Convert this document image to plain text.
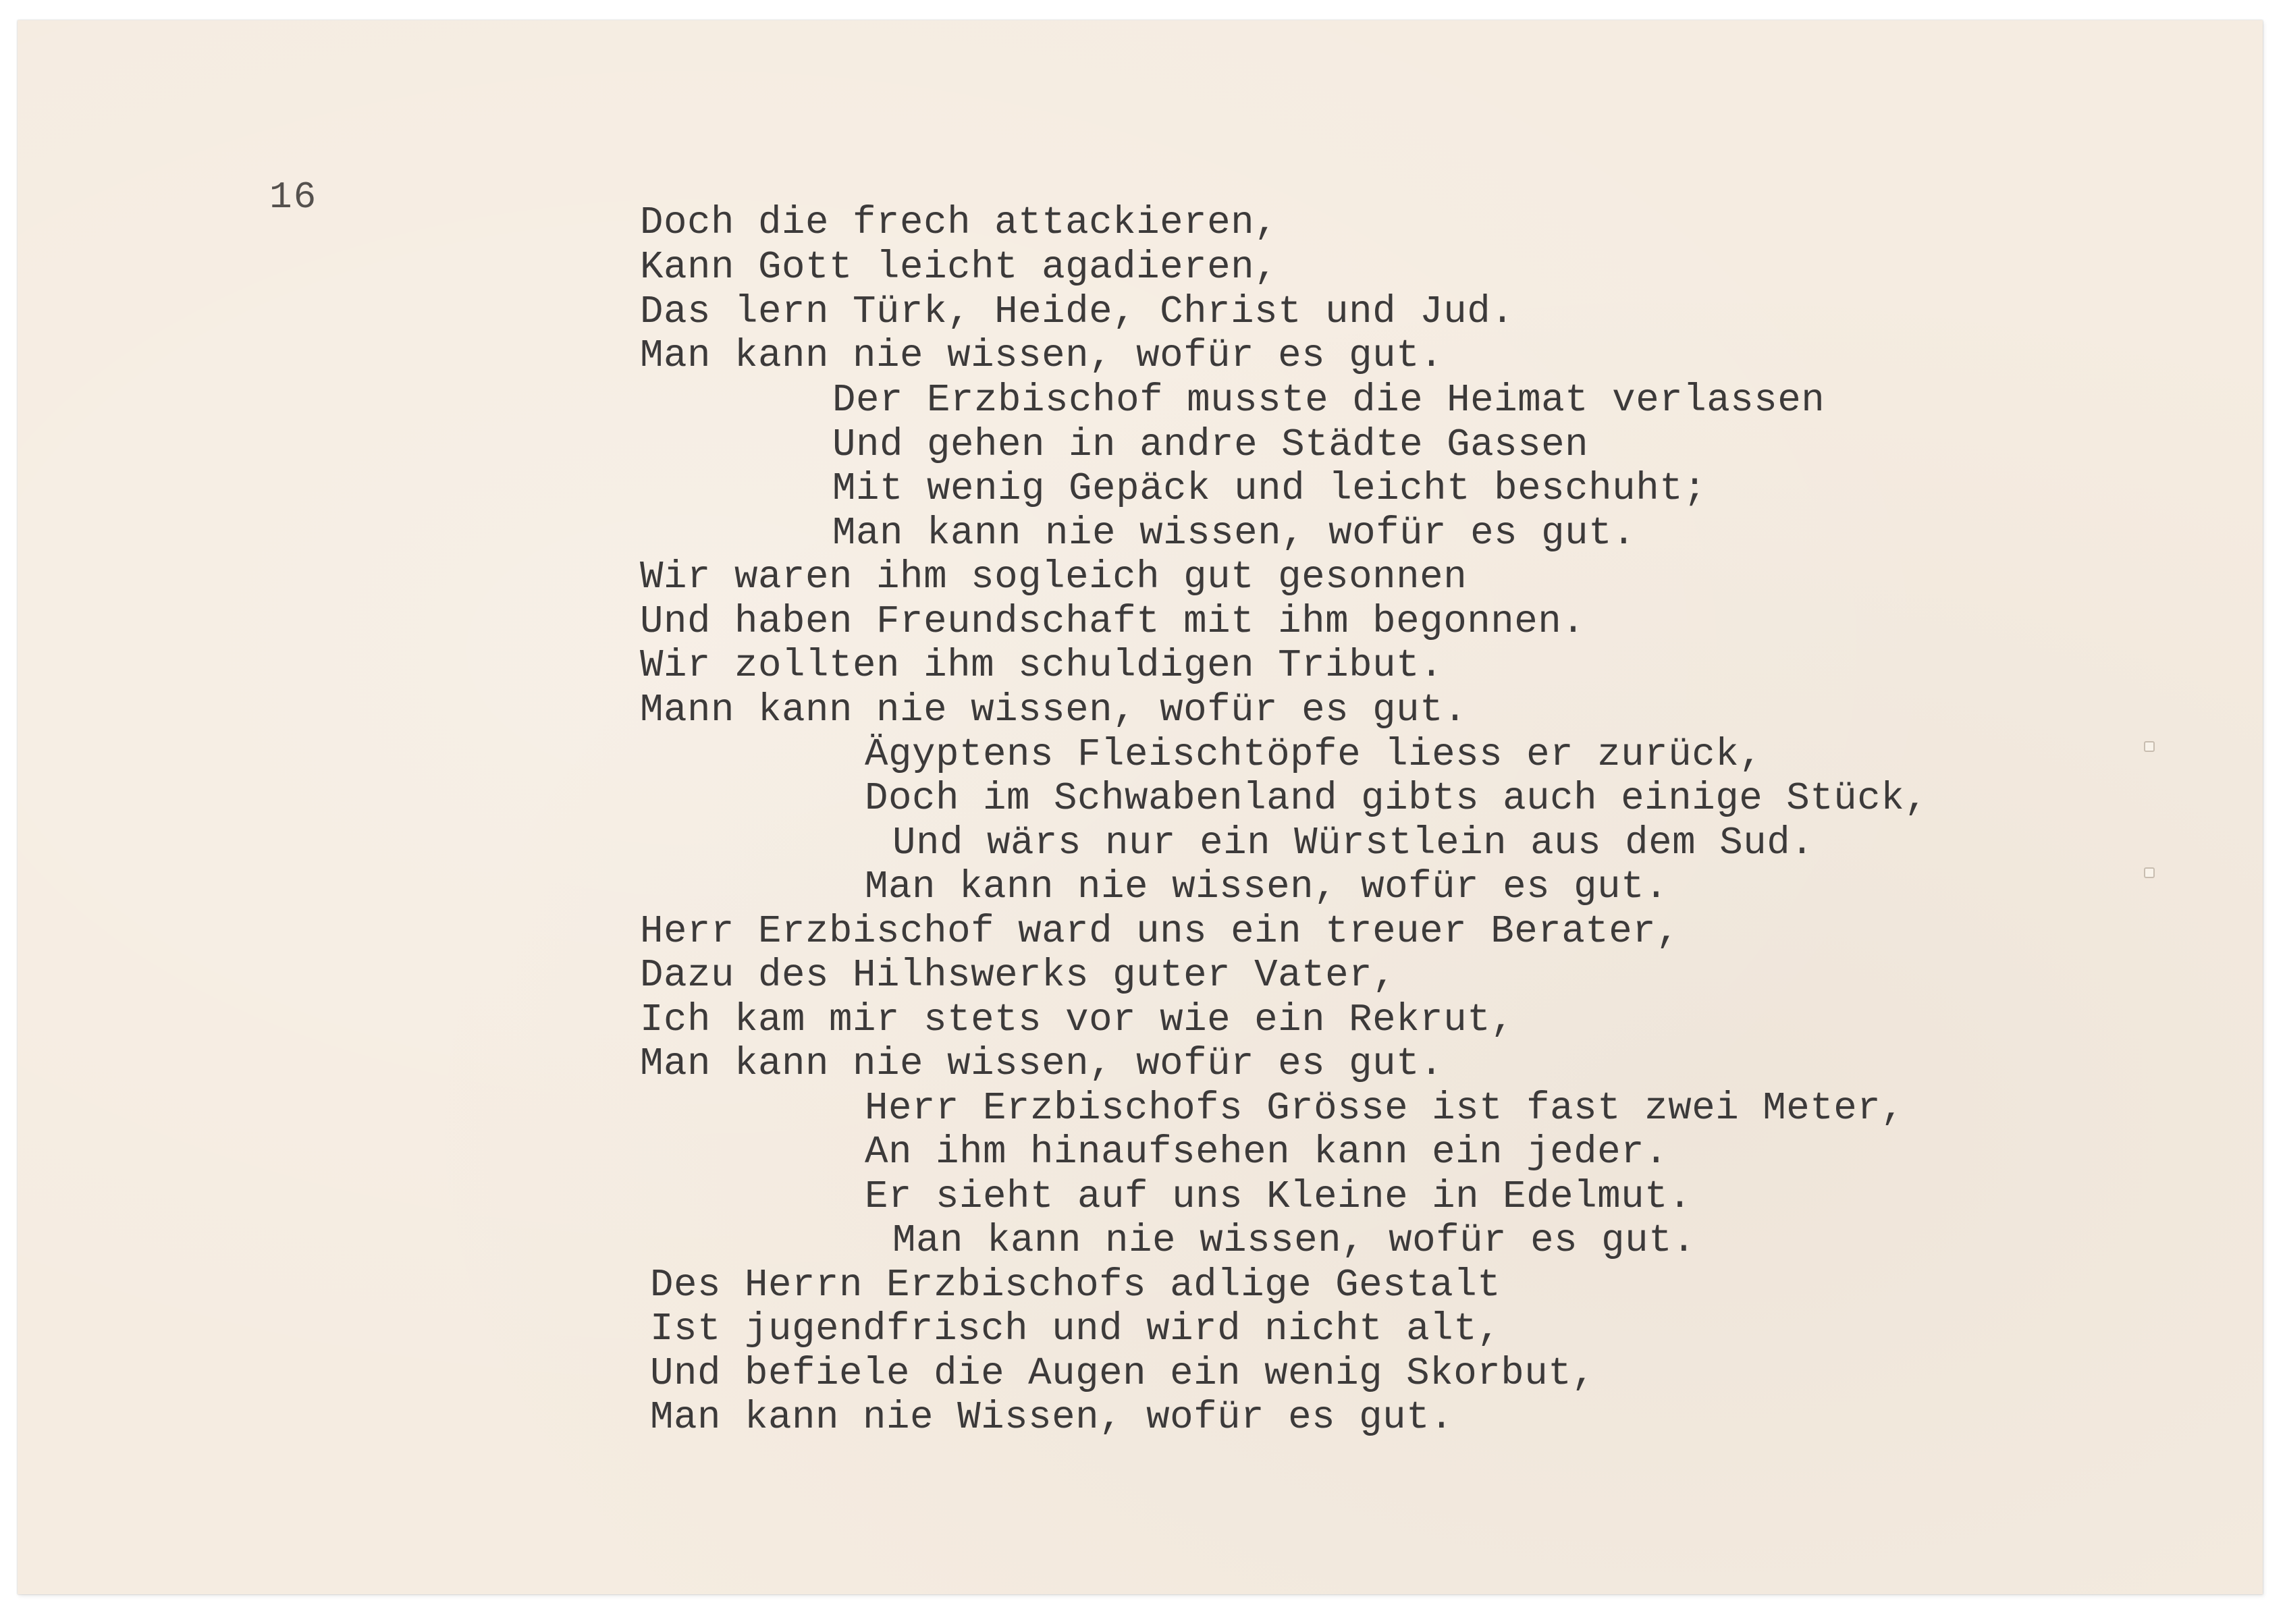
16
Doch die frech attackieren,
Kann Gott leicht agadieren,
Das lern Türk, Heide, Christ und Jud.
Man kann nie wissen, wofür es gut.
Der Erzbischof musste die Heimat verlassen
Und gehen in andre Städte Gassen
Mit wenig Gepäck und leicht beschuht;
Man kann nie wissen, wofür es gut.
Wir waren ihm sogleich gut gesonnen
Und haben Freundschaft mit ihm begonnen.
Wir zollten ihm schuldigen Tribut.
Mann kann nie wissen, wofür es gut.
Ägyptens Fleischtöpfe liess er zurück,
Doch im Schwabenland gibts auch einige Stück,
Und wärs nur ein Würstlein aus dem Sud.
Man kann nie wissen, wofür es gut.
Herr Erzbischof ward uns ein treuer Berater,
Dazu des Hilhswerks guter Vater,
Ich kam mir stets vor wie ein Rekrut,
Man kann nie wissen, wofür es gut.
Herr Erzbischofs Grösse ist fast zwei Meter,
An ihm hinaufsehen kann ein jeder.
Er sieht auf uns Kleine in Edelmut.
Man kann nie wissen, wofür es gut.
Des Herrn Erzbischofs adlige Gestalt
Ist jugendfrisch und wird nicht alt,
Und befiele die Augen ein wenig Skorbut,
Man kann nie Wissen, wofür es gut.
